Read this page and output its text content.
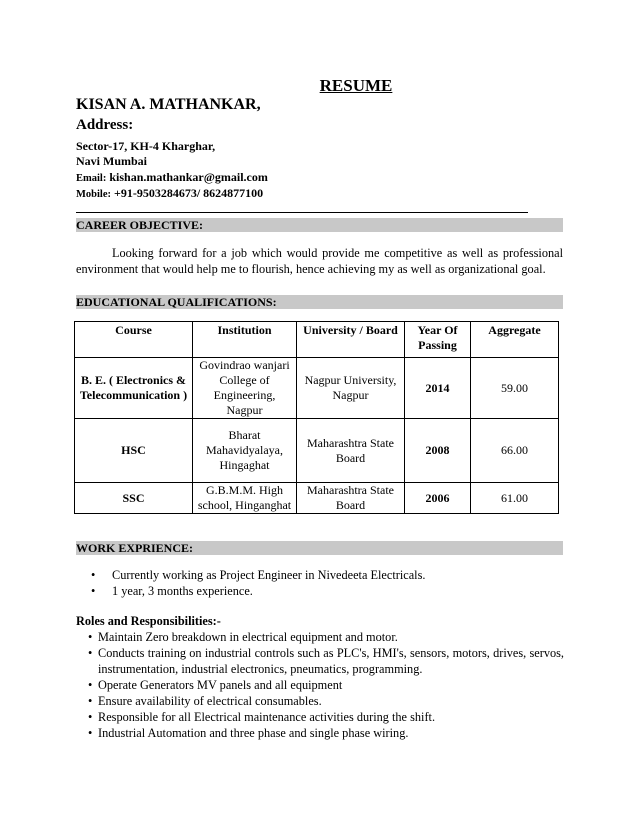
RESUME
KISAN A. MATHANKAR,
Address:
Sector-17, KH-4 Kharghar,
Navi Mumbai
Email: kishan.mathankar@gmail.com
Mobile: +91-9503284673/ 8624877100
CAREER OBJECTIVE:
Looking forward for a job which would provide me competitive as well as professional environment that would help me to flourish, hence achieving my as well as organizational goal.
EDUCATIONAL QUALIFICATIONS:
Course	Institution	University / Board	Year Of Passing	Aggregate
B. E. ( Electronics & Telecommunication )	Govindrao wanjari College of Engineering, Nagpur	Nagpur University, Nagpur	2014	59.00
HSC	Bharat Mahavidyalaya, Hingaghat	Maharashtra State Board	2008	66.00
SSC	G.B.M.M. High school, Hinganghat	Maharashtra State Board	2006	61.00
WORK EXPRIENCE:
• Currently working as Project Engineer in Nivedeeta Electricals.
• 1 year, 3 months experience.
Roles and Responsibilities:-
• Maintain Zero breakdown in electrical equipment and motor.
• Conducts training on industrial controls such as PLC's, HMI's, sensors, motors, drives, servos, instrumentation, industrial electronics, pneumatics, programming.
• Operate Generators MV panels and all equipment
• Ensure availability of electrical consumables.
• Responsible for all Electrical maintenance activities during the shift.
• Industrial Automation and three phase and single phase wiring.
